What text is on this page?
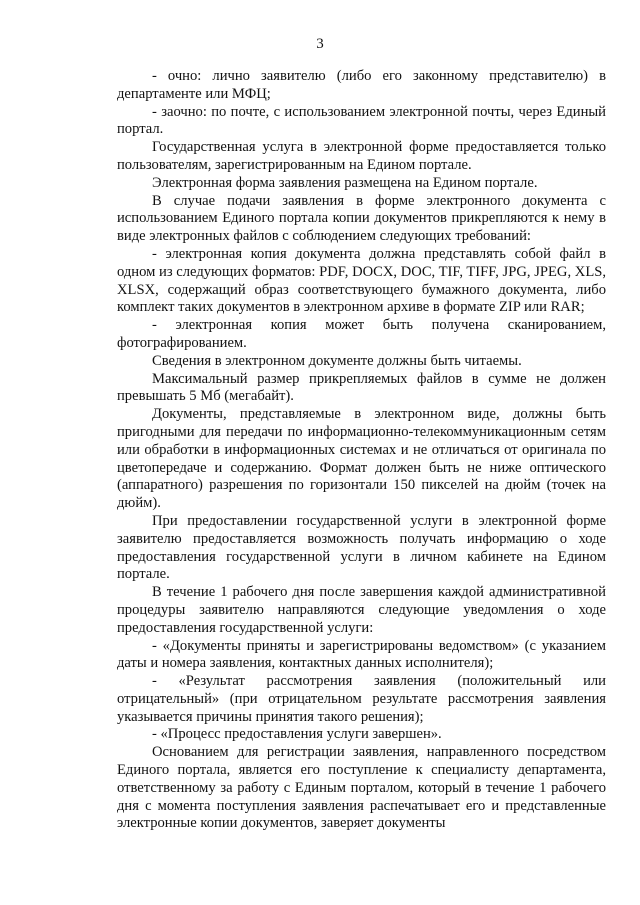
3

- очно: лично заявителю (либо его законному представителю) в департаменте или МФЦ;

- заочно: по почте, с использованием электронной почты, через Единый портал.

Государственная услуга в электронной форме предоставляется только пользователям, зарегистрированным на Едином портале.

Электронная форма заявления размещена на Едином портале.

В случае подачи заявления в форме электронного документа с использованием Единого портала копии документов прикрепляются к нему в виде электронных файлов с соблюдением следующих требований:

- электронная копия документа должна представлять собой файл в одном из следующих форматов: PDF, DOCX, DOC, TIF, TIFF, JPG, JPEG, XLS, XLSX, содержащий образ соответствующего бумажного документа, либо комплект таких документов в электронном архиве в формате ZIP или RAR;

- электронная копия может быть получена сканированием, фотографированием.

Сведения в электронном документе должны быть читаемы.

Максимальный размер прикрепляемых файлов в сумме не должен превышать 5 Мб (мегабайт).

Документы, представляемые в электронном виде, должны быть пригодными для передачи по информационно-телекоммуникационным сетям или обработки в информационных системах и не отличаться от оригинала по цветопередаче и содержанию. Формат должен быть не ниже оптического (аппаратного) разрешения по горизонтали 150 пикселей на дюйм (точек на дюйм).

При предоставлении государственной услуги в электронной форме заявителю предоставляется возможность получать информацию о ходе предоставления государственной услуги в личном кабинете на Едином портале.

В течение 1 рабочего дня после завершения каждой административной процедуры заявителю направляются следующие уведомления о ходе предоставления государственной услуги:

- «Документы приняты и зарегистрированы ведомством» (с указанием даты и номера заявления, контактных данных исполнителя);

- «Результат рассмотрения заявления (положительный или отрицательный» (при отрицательном результате рассмотрения заявления указывается причины принятия такого решения);

- «Процесс предоставления услуги завершен».

Основанием для регистрации заявления, направленного посредством Единого портала, является его поступление к специалисту департамента, ответственному за работу с Единым порталом, который в течение 1 рабочего дня с момента поступления заявления распечатывает его и представленные электронные копии документов, заверяет документы
